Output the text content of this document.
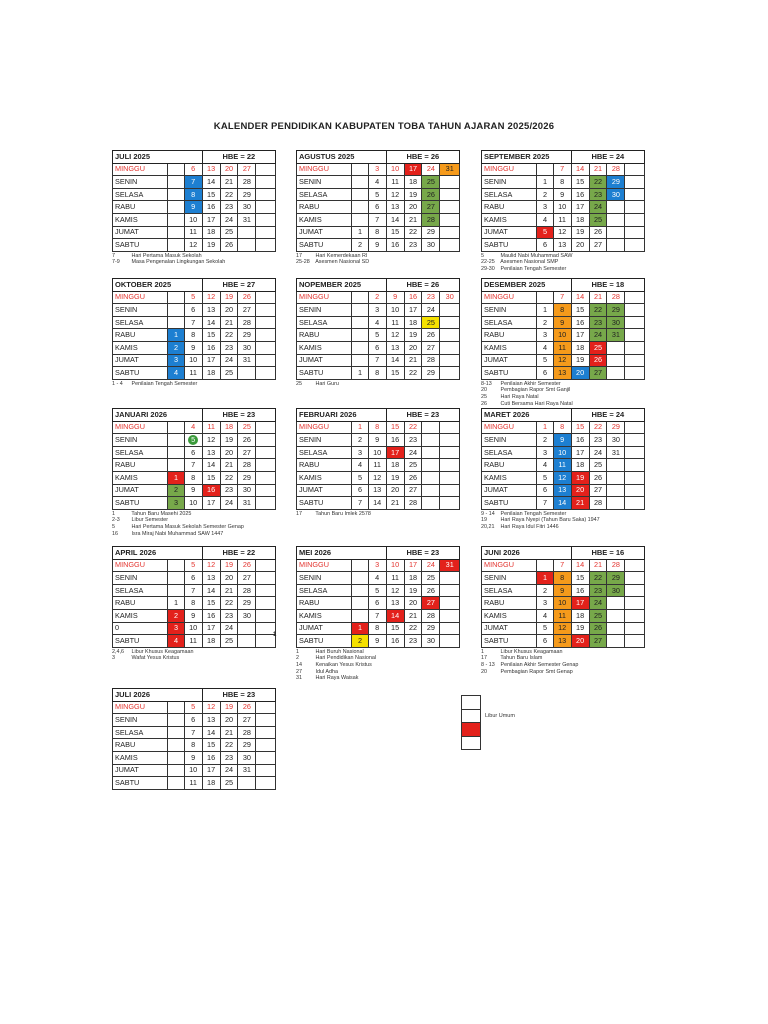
KALENDER PENDIDIKAN KABUPATEN TOBA TAHUN AJARAN 2025/2026
JULI 2025			HBE = 22			
MINGGU		6	13	20	27	
SENIN		7	14	21	28	
SELASA		8	15	22	29	
RABU		9	16	23	30	
KAMIS		10	17	24	31	
JUMAT		11	18	25		
SABTU		12	19	26		
7	Hari Pertama Masuk Sekolah
7-9 Masa Pengenalan Lingkungan Sekolah
AGUSTUS 2025			HBE = 26			
MINGGU		3	10	17	24	31
SENIN		4	11	18	25	
SELASA		5	12	19	26	
RABU		6	13	20	27	
KAMIS		7	14	21	28	
JUMAT	1	8	15	22	29	
SABTU	2	9	16	23	30	
17	Hari Kemerdekaan RI
25-28 Asesmen Nasional SD
SEPTEMBER 2025			HBE = 24			
MINGGU		7	14	21	28	
SENIN	1	8	15	22	29	
SELASA	2	9	16	23	30	
RABU	3	10	17	24		
KAMIS	4	11	18	25		
JUMAT	5	12	19	26		
SABTU	6	13	20	27		
5	Maulid Nabi Muhammad SAW
22-25 Asesmen Nasional SMP
29-30 Penilaian Tengah Semester
OKTOBER 2025			HBE = 27			
MINGGU		5	12	19	26	
SENIN		6	13	20	27	
SELASA		7	14	21	28	
RABU	1	8	15	22	29	
KAMIS	2	9	16	23	30	
JUMAT	3	10	17	24	31	
SABTU	4	11	18	25		
1 - 4 Penilaian Tengah Semester
NOPEMBER 2025			HBE = 26			
MINGGU		2	9	16	23	30
SENIN		3	10	17	24	
SELASA		4	11	18	25	
RABU		5	12	19	26	
KAMIS		6	13	20	27	
JUMAT		7	14	21	28	
SABTU	1	8	15	22	29	
25	Hari Guru
DESEMBER 2025			HBE = 18			
MINGGU		7	14	21	28	
SENIN	1	8	15	22	29	
SELASA	2	9	16	23	30	
RABU	3	10	17	24	31	
KAMIS	4	11	18	25		
JUMAT	5	12	19	26		
SABTU	6	13	20	27		
8-13 Penilaian Akhir Semester
20	Pembagian Rapor Smt Ganjil
25	Hari Raya Natal
26	Cuti Bersama Hari Raya Natal
JANUARI 2026			HBE = 23			
MINGGU		4	11	18	25	
SENIN		5	12	19	26	
SELASA		6	13	20	27	
RABU		7	14	21	28	
KAMIS	1	8	15	22	29	
JUMAT	2	9	16	23	30	
SABTU	3	10	17	24	31	
1	Tahun Baru Masehi 2025
2-3 Libur Semester
5	Hari Pertama Masuk Sekolah Semester Genap
16	Isra Miraj Nabi Muhammad SAW 1447
FEBRUARI 2026			HBE = 23			
MINGGU	1	8	15	22		
SENIN	2	9	16	23		
SELASA	3	10	17	24		
RABU	4	11	18	25		
KAMIS	5	12	19	26		
JUMAT	6	13	20	27		
SABTU	7	14	21	28		
17 Tahun Baru Imlek 2578
MARET 2026			HBE = 24			
MINGGU	1	8	15	22	29	
SENIN	2	9	16	23	30	
SELASA	3	10	17	24	31	
RABU	4	11	18	25		
KAMIS	5	12	19	26		
JUMAT	6	13	20	27		
SABTU	7	14	21	28		
9 - 14 Penilaian Tengah Semester
19	Hari Raya Nyepi (Tahun Baru Saka) 1947
20,21 Hari Raya Idul Fitri 1446
APRIL 2026			HBE = 22			
MINGGU		5	12	19	26	
SENIN		6	13	20	27	
SELASA		7	14	21	28	
RABU	1	8	15	22	29	
KAMIS	2	9	16	23	30	
0	3	10	17	24		
SABTU	4	11	18	25		
2,4,6 Libur Khusus Keagamaan
3	Wafat Yesus Kristus
MEI 2026			HBE = 23			
MINGGU		3	10	17	24	31
SENIN		4	11	18	25	
SELASA		5	12	19	26	
RABU		6	13	20	27	
KAMIS		7	14	21	28	
JUMAT	1	8	15	22	29	
SABTU	2	9	16	23	30	
1	Hari Buruh Nasional
2	Hari Pendidikan Nasional
14	Kenaikan Yesus Kristus
27	Idul Adha
31	Hari Raya Waisak
JUNI 2026			HBE = 16			
MINGGU		7	14	21	28	
SENIN	1	8	15	22	29	
SELASA	2	9	16	23	30	
RABU	3	10	17	24		
KAMIS	4	11	18	25		
JUMAT	5	12	19	26		
SABTU	6	13	20	27		
1	Libur Khusus Keagamaan
17 Tahun Baru Islam
8 - 13 Penilaian Akhir Semester Genap
20	Pembagian Rapor Smt Genap
JULI 2026			HBE = 23			
MINGGU		5	12	19	26	
SENIN		6	13	20	27	
SELASA		7	14	21	28	
RABU		8	15	22	29	
KAMIS		9	16	23	30	
JUMAT		10	17	24	31	
SABTU		11	18	25		
1

Libur Umum
